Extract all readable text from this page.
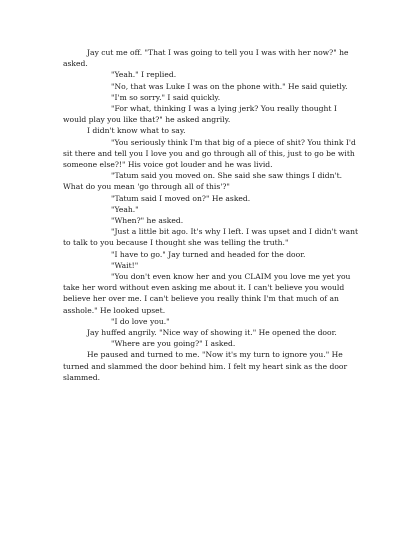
Jay cut me off. "That I was going to tell you I was with her now?" he asked.

"Yeah." I replied.

"No, that was Luke I was on the phone with." He said quietly.

"I'm so sorry." I said quickly.

"For what, thinking I was a lying jerk? You really thought I would play you like that?" he asked angrily.

I didn't know what to say.

"You seriously think I'm that big of a piece of shit? You think I'd sit there and tell you I love you and go through all of this, just to go be with someone else?!" His voice got louder and he was livid.

"Tatum said you moved on. She said she saw things I didn't. What do you mean 'go through all of this'?"

"Tatum said I moved on?" He asked.

"Yeah."

"When?" he asked.

"Just a little bit ago. It's why I left. I was upset and I didn't want to talk to you because I thought she was telling the truth."

"I have to go." Jay turned and headed for the door.

"Wait!"

"You don't even know her and you CLAIM you love me yet you take her word without even asking me about it. I can't believe you would believe her over me. I can't believe you really think I'm that much of an asshole." He looked upset.

"I do love you."

Jay huffed angrily. "Nice way of showing it." He opened the door.

"Where are you going?" I asked.

He paused and turned to me. "Now it's my turn to ignore you." He turned and slammed the door behind him. I felt my heart sink as the door slammed.
